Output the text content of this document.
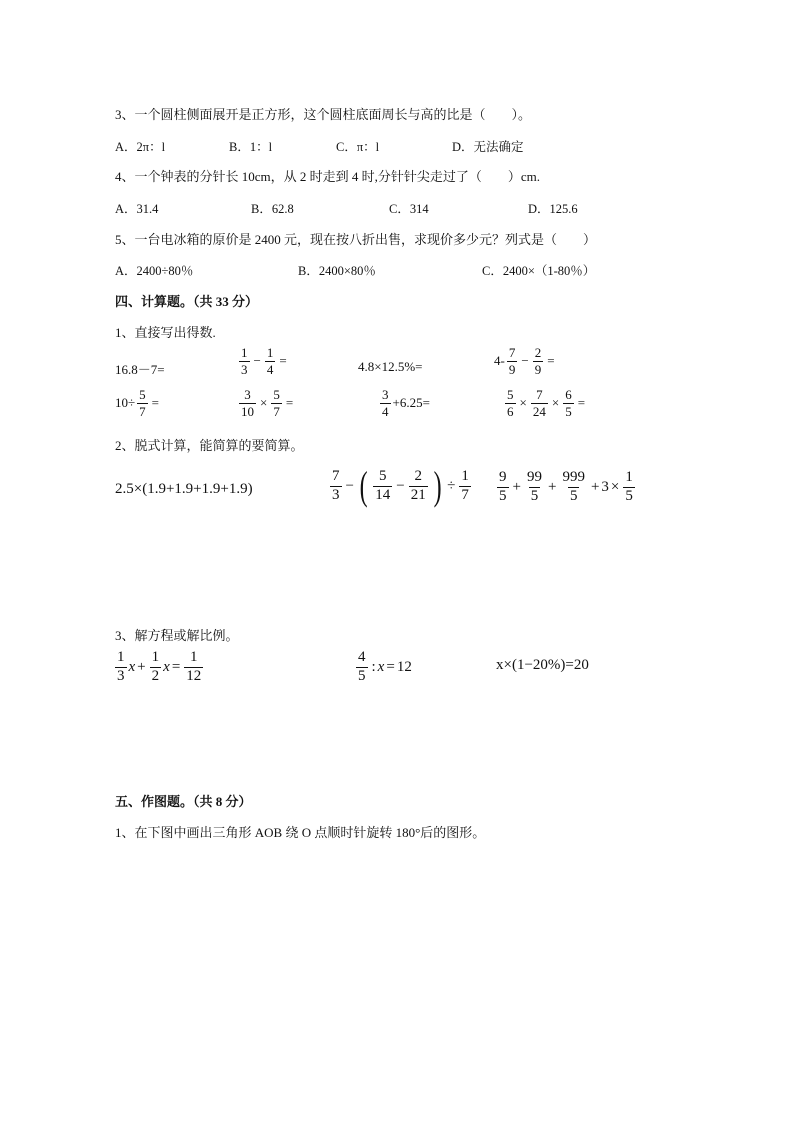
3、一个圆柱侧面展开是正方形，这个圆柱底面周长与高的比是（　　）。
A．2π：l	B．1：l	C．π：l	D．无法确定
4、一个钟表的分针长 10cm，从 2 时走到 4 时,分针针尖走过了（　　）cm.
A．31.4	B．62.8	C．314	D．125.6
5、一台电冰箱的原价是 2400 元，现在按八折出售，求现价多少元？列式是（　　）
A．2400÷80％	B．2400×80％	C．2400×（1-80％）
四、计算题。（共 33 分）
1、直接写出得数.
16.8－7=	$\frac{1}{3} - \frac{1}{4}$ =	4.8×12.5%=	$4- \frac{7}{9} - \frac{2}{9}$ =
$10\div \frac{5}{7}$ =	$\frac{3}{10} \times \frac{5}{7}$ =	$\frac{3}{4} +6.25=$	$\frac{5}{6} \times \frac{7}{24} \times \frac{6}{5}$ =
2、脱式计算，能简算的要简算。
2.5×(1.9+1.9+1.9+1.9)	$\frac{7}{3}$ − ( $\frac{5}{14} - \frac{2}{21}$ ) ÷ $\frac{1}{7} \frac{9}{5} + \frac{99}{5} + \frac{999}{5} + 3 \times \frac{1}{5}$
3、解方程或解比例。
$\frac{1}{3}$ $x + \frac{1}{2}$ $x = \frac{1}{12}$	$\frac{4}{5}$ : x = 12	x×(1−20%)=20
五、作图题。（共 8 分）
1、在下图中画出三角形 AOB 绕 O 点顺时针旋转 180°后的图形。
